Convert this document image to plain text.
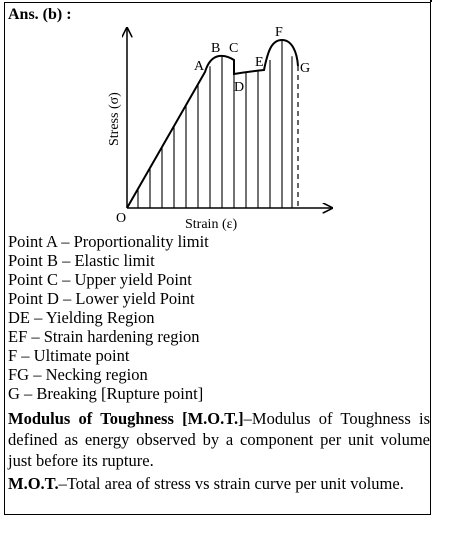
Ans. (b) :
A
B C
D
E
F
G
O	Strain (ε)
Stress (σ)
Point A – Proportionality limit
Point B – Elastic limit
Point C – Upper yield Point
Point D – Lower yield Point
DE – Yielding Region
EF – Strain hardening region
F – Ultimate point
FG – Necking region
G – Breaking [Rupture point]
Modulus of Toughness [M.O.T.]–Modulus of Toughness is defined as energy observed by a component per unit volume just before its rupture.
M.O.T.–Total area of stress vs strain curve per unit volume.
